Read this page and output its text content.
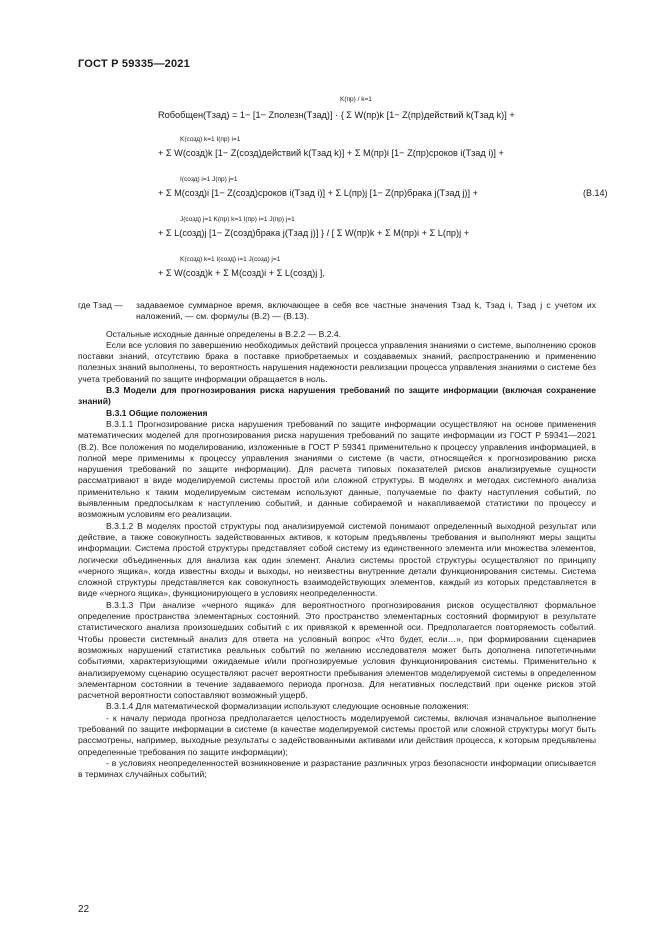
ГОСТ Р 59335—2021
K(пр) / k=1
Rобобщен(Tзад) = 1− [1− Zполезн(Tзад)] · { Σ W(пр)k [1− Z(пр)действий k(Tзад k)] +
K(созд) k=1 I(пр) i=1
+ Σ W(созд)k [1− Z(созд)действий k(Tзад k)] + Σ M(пр)i [1− Z(пр)сроков i(Tзад i)] +
I(созд) i=1 J(пр) j=1
+ Σ M(созд)i [1− Z(созд)сроков i(Tзад i)] + Σ L(пр)j [1− Z(пр)брака j(Tзад j)] +
J(созд) j=1 K(пр) k=1 I(пр) i=1 J(пр) j=1
+ Σ L(созд)j [1− Z(созд)брака j(Tзад j)] } / [ Σ W(пр)k + Σ M(пр)i + Σ L(пр)j +
K(созд) k=1 I(созд) i=1 J(созд) j=1
+ Σ W(созд)k + Σ M(созд)i + Σ L(созд)j ],
(В.14)
где Tзад —	задаваемое суммарное время, включающее в себя все частные значения Tзад k, Tзад i, Tзад j с учетом их наложений, — см. формулы (В.2) — (В.13).

Остальные исходные данные определены в В.2.2 — В.2.4.

Если все условия по завершению необходимых действий процесса управления знаниями о системе, выполнению сроков поставки знаний, отсутствию брака в поставке приобретаемых и создаваемых знаний, распространению и применению полезных знаний выполнены, то вероятность нарушения надежности реализации процесса управления знаниями о системе без учета требований по защите информации обращается в ноль.

В.3 Модели для прогнозирования риска нарушения требований по защите информации (включая сохранение знаний)

В.3.1 Общие положения

В.3.1.1 Прогнозирование риска нарушения требований по защите информации осуществляют на основе применения математических моделей для прогнозирования риска нарушения требований по защите информации из ГОСТ Р 59341—2021 (В.2). Все положения по моделированию, изложенные в ГОСТ Р 59341 применительно к процессу управления информацией, в полной мере применимы к процессу управления знаниями о системе (в части, относящейся к прогнозированию риска нарушения требований по защите информации). Для расчета типовых показателей рисков анализируемые сущности рассматривают в виде моделируемой системы простой или сложной структуры. В моделях и методах системного анализа применительно к таким моделируемым системам используют данные, получаемые по факту наступления событий, по выявленным предпосылкам к наступлению событий, и данные собираемой и накапливаемой статистики по процессу и возможным условиям его реализации.

В.3.1.2 В моделях простой структуры под анализируемой системой понимают определенный выходной результат или действие, а также совокупность задействованных активов, к которым предъявлены требования и выполняют меры защиты информации. Система простой структуры представляет собой систему из единственного элемента или множества элементов, логически объединенных для анализа как один элемент. Анализ системы простой структуры осуществляют по принципу «черного ящика», когда известны входы и выходы, но неизвестны внутренние детали функционирования системы. Система сложной структуры представляется как совокупность взаимодействующих элементов, каждый из которых представляется в виде «черного ящика», функционирующего в условиях неопределенности.

В.3.1.3 При анализе «черного ящика» для вероятностного прогнозирования рисков осуществляют формальное определение пространства элементарных состояний. Это пространство элементарных состояний формируют в результате статистического анализа произошедших событий с их привязкой к временной оси. Предполагается повторяемость событий. Чтобы провести системный анализ для ответа на условный вопрос «Что будет, если…», при формировании сценариев возможных нарушений статистика реальных событий по желанию исследователя может быть дополнена гипотетичными событиями, характеризующими ожидаемые и/или прогнозируемые условия функционирования системы. Применительно к анализируемому сценарию осуществляют расчет вероятности пребывания элементов моделируемой системы в определенном элементарном состоянии в течение задаваемого периода прогноза. Для негативных последствий при оценке рисков этой расчетной вероятности сопоставляют возможный ущерб.

В.3.1.4 Для математической формализации используют следующие основные положения:

- к началу периода прогноза предполагается целостность моделируемой системы, включая изначальное выполнение требований по защите информации в системе (в качестве моделируемой системы простой или сложной структуры могут быть рассмотрены, например, выходные результаты с задействованными активами или действия процесса, к которым предъявлены определенные требования по защите информации);

- в условиях неопределенностей возникновение и разрастание различных угроз безопасности информации описывается в терминах случайных событий;

22
